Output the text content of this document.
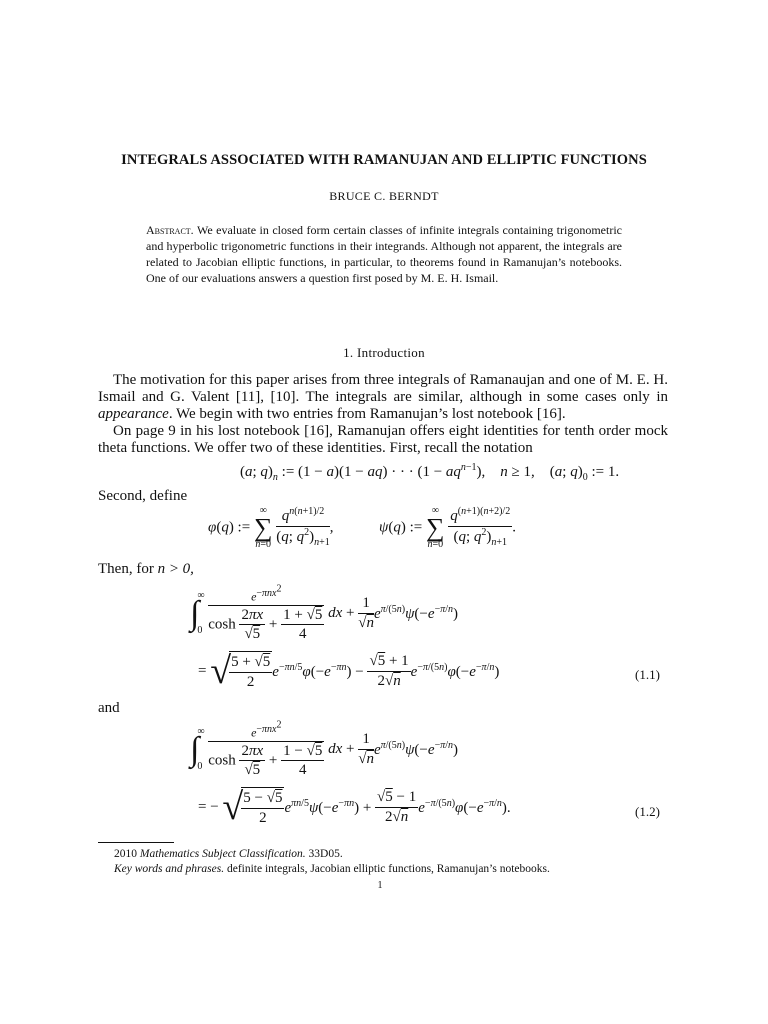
INTEGRALS ASSOCIATED WITH RAMANUJAN AND ELLIPTIC FUNCTIONS
BRUCE C. BERNDT
Abstract. We evaluate in closed form certain classes of infinite integrals containing trigonometric and hyperbolic trigonometric functions in their integrands. Although not apparent, the integrals are related to Jacobian elliptic functions, in particular, to theorems found in Ramanujan’s notebooks. One of our evaluations answers a question first posed by M. E. H. Ismail.
1. Introduction
The motivation for this paper arises from three integrals of Ramanaujan and one of M. E. H. Ismail and G. Valent [11], [10]. The integrals are similar, although in some cases only in appearance. We begin with two entries from Ramanujan’s lost notebook [16].
On page 9 in his lost notebook [16], Ramanujan offers eight identities for tenth order mock theta functions. We offer two of these identities. First, recall the notation
(a; $q)_n$ := (1 − a)(1 − aq) · · · $(1 - aq^{n-1})$,    n ≥ 1,    (a; $q)_0$ := 1.
Second, define
φ(q) :=
∞
∑
n=0
$\frac{q^{n(n+1)/2}}{(q; q^2)_{n+1}}$ ,	ψ(q) :=
∞
∑
n=0
$\frac{q^{(n+1)(n+2)/2}}{(q; q^2)_{n+1}}$ .
Then, for n > 0,
∫∞
$_0 \frac{e^{-\pi nx^2}}{\cosh \frac{2\pi x}{√5} + \frac{1 + √5}{4}}$ dx + $\frac{1}{√n} e^{\pi/(5n)}\psi(-e^{-\pi/n})$
= √
$\frac{5 + √5}{2} e^{-\pi n/5}\varphi(-e^{-\pi n}) - \frac{√5 + 1}{2√n} e^{-\pi/(5n)}\varphi(-e^{-\pi/n})$	(1.1)
and
∫∞
$_0 \frac{e^{-\pi nx^2}}{\cosh \frac{2\pi x}{√5} + \frac{1 - √5}{4}}$ dx + $\frac{1}{√n} e^{\pi/(5n)}\psi(-e^{-\pi/n})$
= − √
$\frac{5 - √5}{2} e^{\pi n/5}\psi(-e^{-\pi n}) + \frac{√5 - 1}{2√n} e^{-\pi/(5n)}\varphi(-e^{-\pi/n})$.	(1.2)
2010 Mathematics Subject Classification. 33D05.
Key words and phrases. definite integrals, Jacobian elliptic functions, Ramanujan’s notebooks.
1
